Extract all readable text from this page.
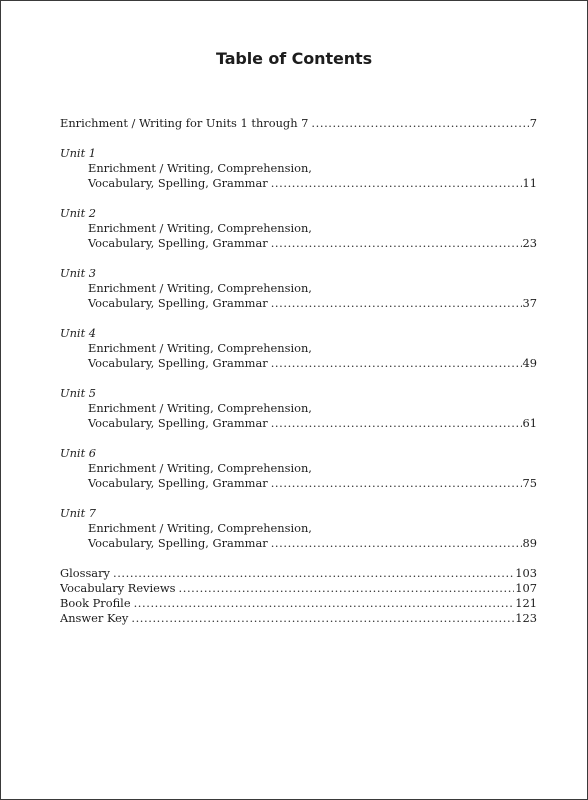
Table of Contents
Enrichment / Writing for Units 1 through 7 .....	7
Unit 1
Enrichment / Writing, Comprehension,
Vocabulary, Spelling, Grammar .....	11
Unit 2
Enrichment / Writing, Comprehension,
Vocabulary, Spelling, Grammar .....	23
Unit 3
Enrichment / Writing, Comprehension,
Vocabulary, Spelling, Grammar .....	37
Unit 4
Enrichment / Writing, Comprehension,
Vocabulary, Spelling, Grammar .....	49
Unit 5
Enrichment / Writing, Comprehension,
Vocabulary, Spelling, Grammar .....	61
Unit 6
Enrichment / Writing, Comprehension,
Vocabulary, Spelling, Grammar .....	75
Unit 7
Enrichment / Writing, Comprehension,
Vocabulary, Spelling, Grammar .....	89
Glossary .....	103
Vocabulary Reviews .....	107
Book Profile .....	121
Answer Key .....	123
